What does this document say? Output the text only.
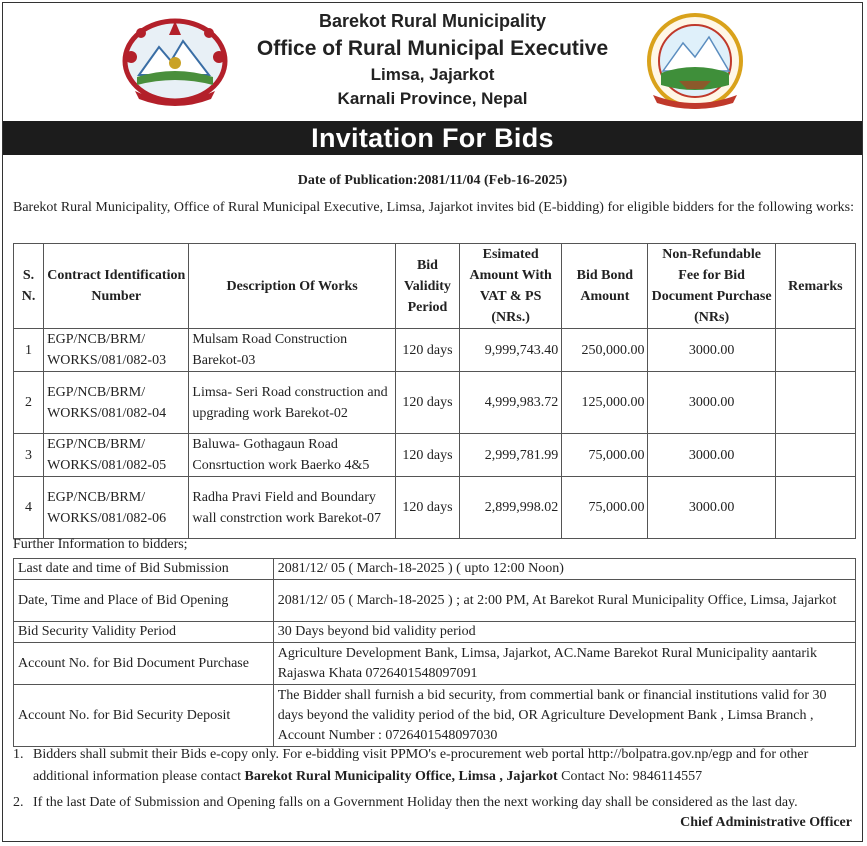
Barekot Rural Municipality
Office of Rural Municipal Executive
Limsa, Jajarkot
Karnali Province, Nepal
Invitation For Bids
Date of Publication:2081/11/04 (Feb-16-2025)
Barekot Rural Municipality, Office of Rural Municipal Executive, Limsa, Jajarkot invites bid (E-bidding) for eligible bidders for the following works:

S. N.	Contract Identification Number	Description Of Works	Bid Validity Period	Esimated Amount With VAT & PS (NRs.)	Bid Bond Amount	Non-Refundable Fee for Bid Document Purchase (NRs)	Remarks
1	EGP/NCB/BRM/ WORKS/081/082-03	Mulsam Road Construction Barekot-03	120 days	9,999,743.40	250,000.00	3000.00	
2	EGP/NCB/BRM/ WORKS/081/082-04	Limsa- Seri Road construction and upgrading work Barekot-02	120 days	4,999,983.72	125,000.00	3000.00	
3	EGP/NCB/BRM/ WORKS/081/082-05	Baluwa- Gothagaun Road Consrtuction work Baerko 4&5	120 days	2,999,781.99	75,000.00	3000.00	
4	EGP/NCB/BRM/ WORKS/081/082-06	Radha Pravi Field and Boundary wall constrction work Barekot-07	120 days	2,899,998.02	75,000.00	3000.00	
Further Information to bidders;
Last date and time of Bid Submission	2081/12/ 05 ( March-18-2025 ) ( upto 12:00 Noon)
Date, Time and Place of Bid Opening	2081/12/ 05 ( March-18-2025 ) ; at 2:00 PM, At Barekot Rural Municipality Office, Limsa, Jajarkot
Bid Security Validity Period	30 Days beyond bid validity period
Account No. for Bid Document Purchase	Agriculture Development Bank, Limsa, Jajarkot, AC.Name Barekot Rural Municipality aantarik Rajaswa Khata 0726401548097091
Account No. for Bid Security Deposit	The Bidder shall furnish a bid security, from commertial bank or financial institutions valid for 30 days beyond the validity period of the bid, OR Agriculture Development Bank , Limsa Branch , Account Number : 0726401548097030
1. Bidders shall submit their Bids e-copy only. For e-bidding visit PPMO's e-procurement web portal http://bolpatra.gov.np/egp and for other additional information please contact Barekot Rural Municipality Office, Limsa , Jajarkot Contact No: 9846114557
2. If the last Date of Submission and Opening falls on a Government Holiday then the next working day shall be considered as the last day.
Chief Administrative Officer
